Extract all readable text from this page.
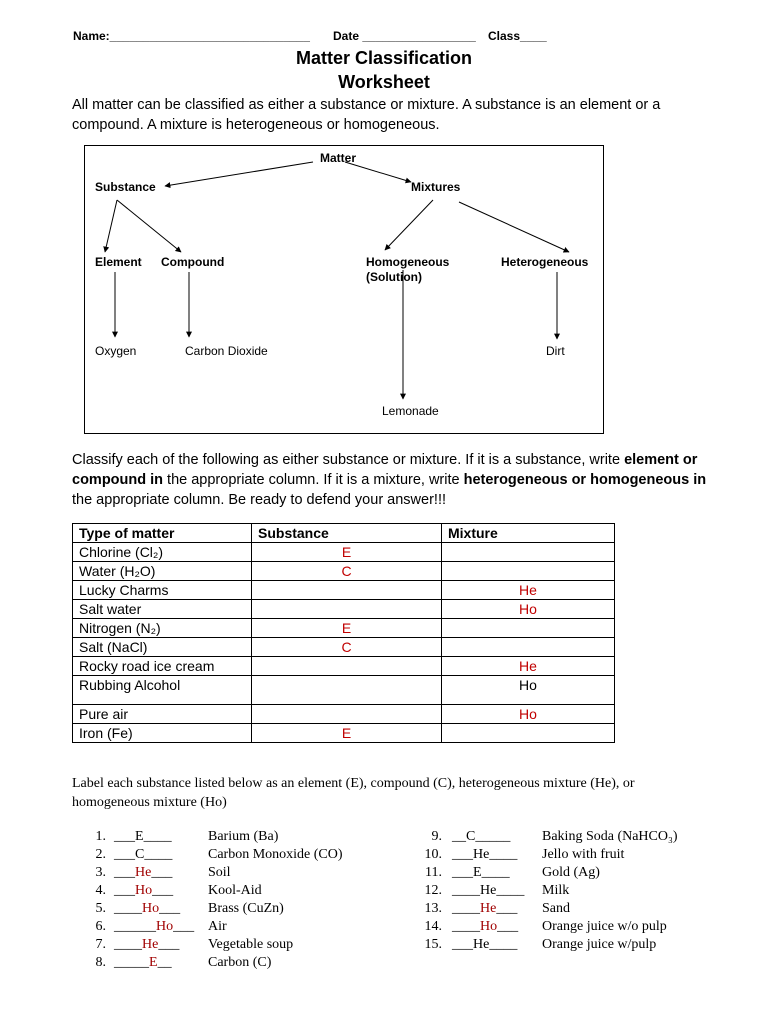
Name:______________________________ Date _________________ Class____
Matter Classification
Worksheet
All matter can be classified as either a substance or mixture. A substance is an element or a compound. A mixture is heterogeneous or homogeneous.
Matter
Substance	Mixtures
Element Compound	Homogeneous
(Solution)
Heterogeneous
Oxygen	Carbon Dioxide	Dirt
Lemonade
Classify each of the following as either substance or mixture. If it is a substance, write element or compound in the appropriate column. If it is a mixture, write heterogeneous or homogeneous in the appropriate column. Be ready to defend your answer!!!
Type of matter	Substance	Mixture
Chlorine (Cl₂)	E	
Water (H₂O)	C	
Lucky Charms		He
Salt water		Ho
Nitrogen (N₂)	E	
Salt (NaCl)	C	
Rocky road ice cream		He
Rubbing Alcohol		Ho
Pure air		Ho
Iron (Fe)	E	
Label each substance listed below as an element (E), compound (C), heterogeneous mixture (He), or homogeneous mixture (Ho)
1. ___E____	Barium (Ba)
2. ___C____	Carbon Monoxide (CO)
3. ___He___	Soil
4. ___Ho___ Kool-Aid
5. ____Ho___ Brass (CuZn)
6. ______Ho___ Air
7. ____He___ Vegetable soup
8. _____E__	Carbon (C)
9. __C_____ Baking Soda (NaHCO₃)
10. ___He____ Jello with fruit
11. ___E____ Gold (Ag)
12. ____He____ Milk
13. ____He___ Sand
14. ____Ho___ Orange juice w/o pulp
15. ___He____ Orange juice w/pulp
